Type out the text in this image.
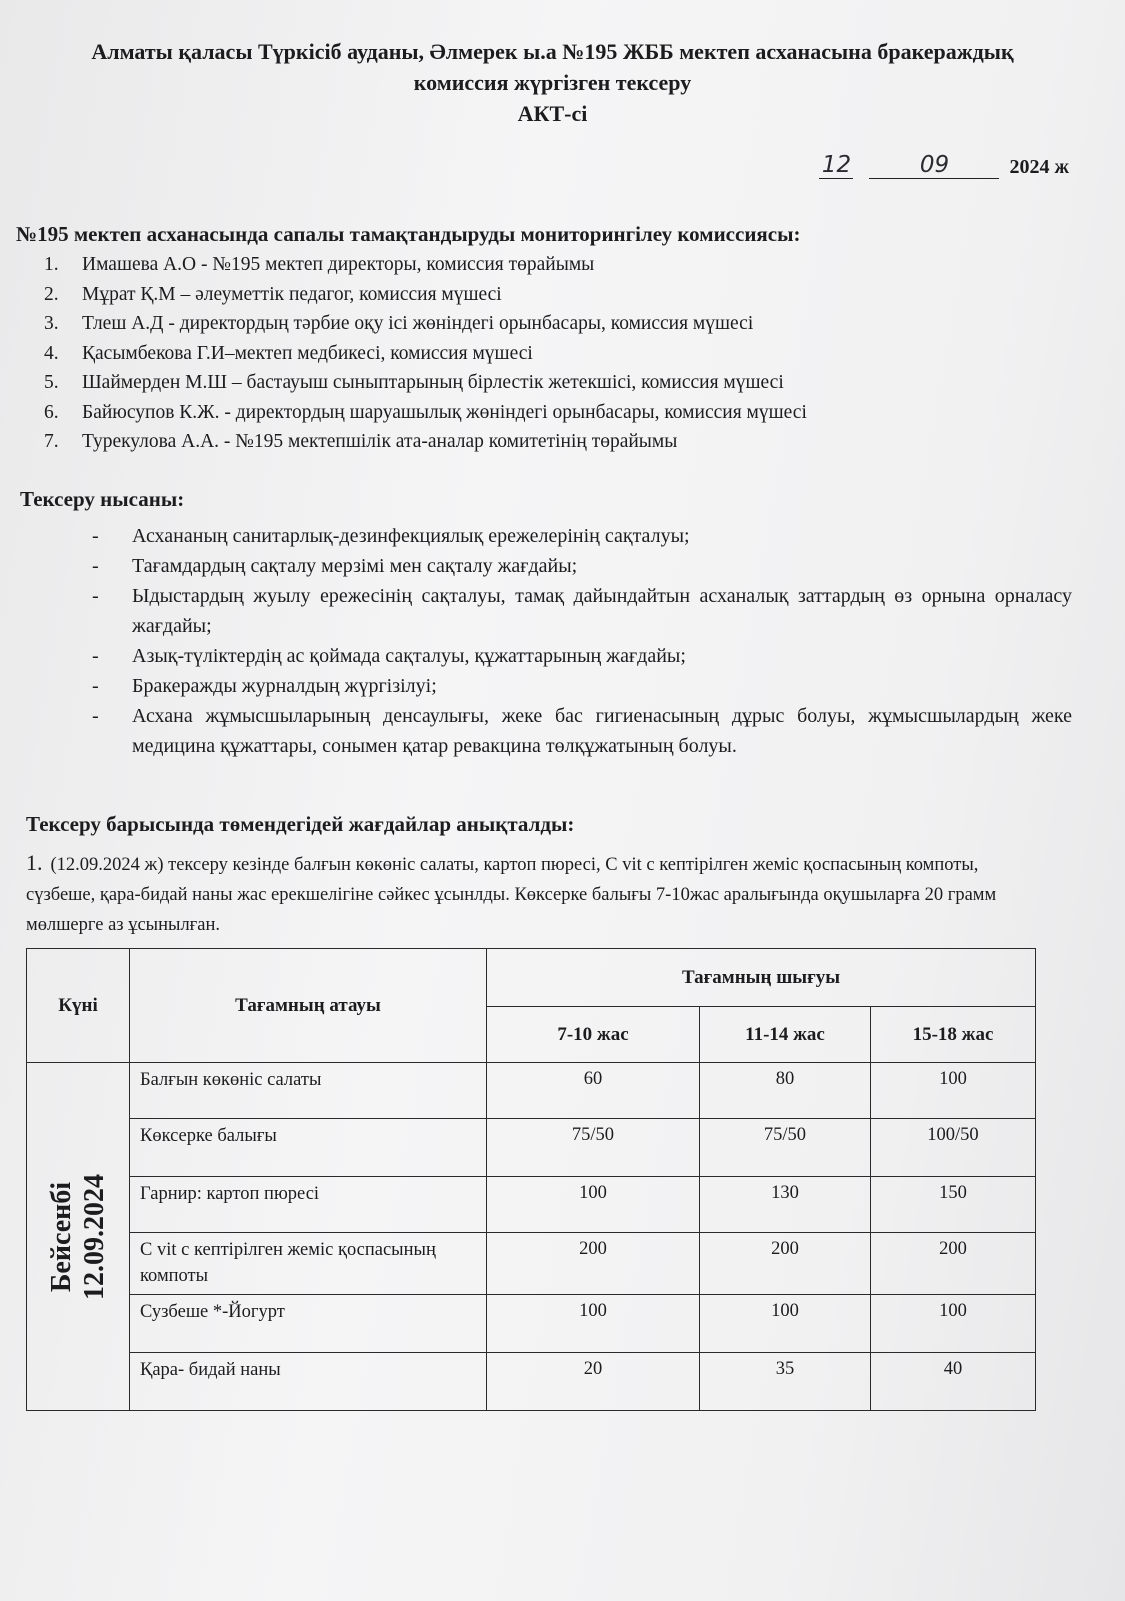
Алматы қаласы Түркісіб ауданы, Әлмерек ы.а №195 ЖББ мектеп асханасына бракераждық
комиссия жүргізген тексеру
АКТ-сі
12	09	2024 ж
№195 мектеп асханасында сапалы тамақтандыруды мониторингілеу комиссиясы:
1.	Имашева А.О - №195 мектеп директоры, комиссия төрайымы
2.	Мұрат Қ.М – әлеуметтік педагог, комиссия мүшесі
3.	Тлеш А.Д - директордың тәрбие оқу ісі жөніндегі орынбасары, комиссия мүшесі
4.	Қасымбекова Г.И–мектеп медбикесі, комиссия мүшесі
5.	Шаймерден М.Ш – бастауыш сыныптарының бірлестік жетекшісі, комиссия мүшесі
6.	Байюсупов К.Ж. - директордың шаруашылық жөніндегі орынбасары, комиссия мүшесі
7.	Турекулова А.А. - №195 мектепшілік ата-аналар комитетінің төрайымы
Тексеру нысаны:
-	Асхананың санитарлық-дезинфекциялық ережелерінің сақталуы;
-	Тағамдардың сақталу мерзімі мен сақталу жағдайы;
-	Ыдыстардың жуылу ережесінің сақталуы, тамақ дайындайтын асханалық заттардың өз орнына орналасу жағдайы;
-	Азық-түліктердің ас қоймада сақталуы, құжаттарының жағдайы;
-	Бракеражды журналдың жүргізілуі;
-	Асхана жұмысшыларының денсаулығы, жеке бас гигиенасының дұрыс болуы, жұмысшылардың жеке медицина құжаттары, сонымен қатар ревакцина төлқұжатының болуы.
Тексеру барысында төмендегідей жағдайлар анықталды:
1. (12.09.2024 ж) тексеру кезінде балғын көкөніс салаты, картоп пюресі, С vit с кептірілген жеміс қоспасының компоты, сүзбеше, қара-бидай наны жас ерекшелігіне сәйкес ұсынлды. Көксерке балығы 7-10жас аралығында оқушыларға 20 грамм мөлшерге аз ұсынылған.
Күні	Тағамның атауы	Тағамның шығуы		
		7-10 жас	11-14 жас	15-18 жас

Бейсенбі 12.09.2024	Балғын көкөніс салаты	60	80	100
	Көксерке балығы	75/50	75/50	100/50
	Гарнир: картоп пюресі	100	130	150
	С vit с кептірілген жеміс қоспасының компоты	200	200	200
	Сузбеше *-Йогурт	100	100	100
	Қара- бидай наны	20	35	40
